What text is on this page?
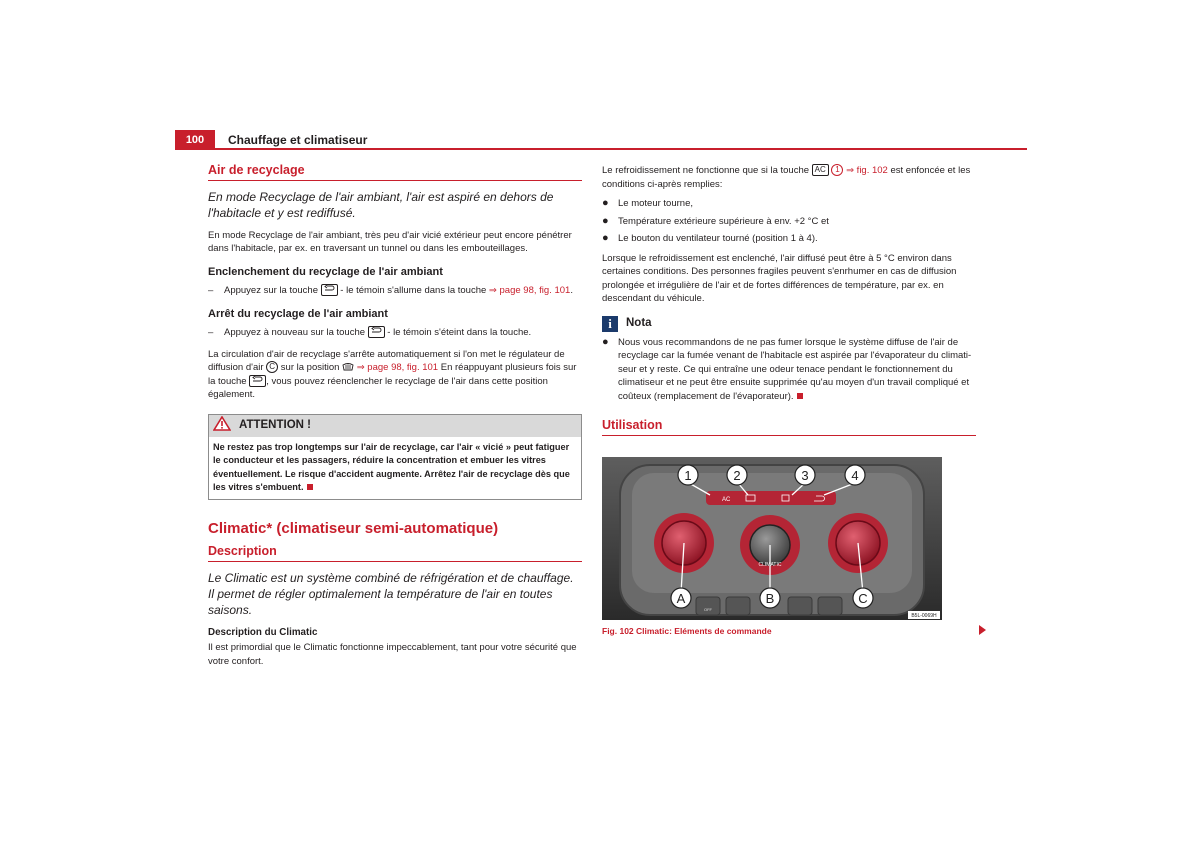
100	Chauffage et climatiseur
Air de recyclage
En mode Recyclage de l'air ambiant, l'air est aspiré en dehors de l'habitacle et y est rediffusé.

En mode Recyclage de l'air ambiant, très peu d'air vicié extérieur peut encore pénétrer dans l'habitacle, par ex. en traversant un tunnel ou dans les embouteillages.

Enclenchement du recyclage de l'air ambiant
–	Appuyez sur la touche  - le témoin s'allume dans la touche ⇒ page 98, fig. 101.
Arrêt du recyclage de l'air ambiant
–	Appuyez à nouveau sur la touche  - le témoin s'éteint dans la touche.

La circulation d'air de recyclage s'arrête automatiquement si l'on met le régulateur de diffusion d'air C sur la position  ⇒ page 98, fig. 101 En réappuyant plusieurs fois sur la touche , vous pouvez réenclencher le recyclage de l'air dans cette position également.

ATTENTION !
Ne restez pas trop longtemps sur l'air de recyclage, car l'air « vicié » peut fatiguer le conducteur et les passagers, réduire la concentration et embuer les vitres éventuellement. Le risque d'accident augmente. Arrêtez l'air de recyclage dès que les vitres s'embuent.
Climatic* (climatiseur semi-automatique)
Description
Le Climatic est un système combiné de réfrigération et de chauffage. Il permet de régler optimalement la température de l'air en toutes saisons.
Description du Climatic

Il est primordial que le Climatic fonctionne impeccablement, tant pour votre sécurité que votre confort.

Le refroidissement ne fonctionne que si la touche AC 1 ⇒ fig. 102 est enfoncée et les conditions ci-après remplies:

● Le moteur tourne,
● Température extérieure supérieure à env. +2 °C et
● Le bouton du ventilateur tourné (position 1 à 4).

Lorsque le refroidissement est enclenché, l'air diffusé peut être à 5 °C environ dans certaines conditions. Des personnes fragiles peuvent s'enrhumer en cas de diffusion prolongée et irrégulière de l'air et de fortes différences de température, par ex. en descendant du véhicule.

i	Nota
● Nous vous recommandons de ne pas fumer lorsque le système diffuse de l'air de recyclage car la fumée venant de l'habitacle est aspirée par l'évaporateur du climatiseur et y reste. Ce qui entraîne une odeur tenace pendant le fonctionnement du climatiseur et ne peut être ensuite supprimée qu'au moyen d'un travail compliqué et coûteux (remplacement de l'évaporateur).
Utilisation
AC
CLIMATIC
OFF
1	2	3	4
A	B	C
B5L-0069H
Fig. 102 Climatic: Eléments de commande
